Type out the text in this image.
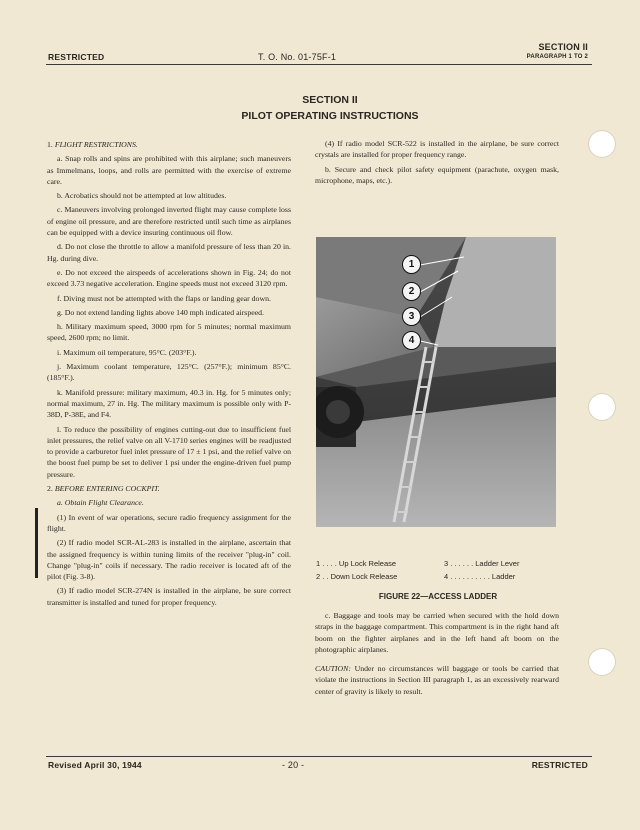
RESTRICTED	T. O. No. 01-75F-1
SECTION II
PARAGRAPH 1 TO 2
SECTION II
PILOT OPERATING INSTRUCTIONS

1. FLIGHT RESTRICTIONS.

a. Snap rolls and spins are prohibited with this airplane; such maneuvers as Immelmans, loops, and rolls are permitted with the exercise of extreme care.

b. Acrobatics should not be attempted at low altitudes.

c. Maneuvers involving prolonged inverted flight may cause complete loss of engine oil pressure, and are therefore restricted until such time as airplanes can be equipped with a device insuring continuous oil flow.

d. Do not close the throttle to allow a manifold pressure of less than 20 in. Hg. during dive.

e. Do not exceed the airspeeds of accelerations shown in Fig. 24; do not exceed 3.73 negative acceleration. Engine speeds must not exceed 3120 rpm.

f. Diving must not be attempted with the flaps or landing gear down.

g. Do not extend landing lights above 140 mph indicated airspeed.

h. Military maximum speed, 3000 rpm for 5 minutes; normal maximum speed, 2600 rpm; no limit.

i. Maximum oil temperature, 95°C. (203°F.).

j. Maximum coolant temperature, 125°C. (257°F.); minimum 85°C. (185°F.).

k. Manifold pressure: military maximum, 40.3 in. Hg. for 5 minutes only; normal maximum, 27 in. Hg. The military maximum is possible only with P-38D, P-38E, and F4.

l. To reduce the possibility of engines cutting-out due to insufficient fuel inlet pressures, the relief valve on all V-1710 series engines will be readjusted to provide a carburetor fuel inlet pressure of 17 ± 1 psi, and the relief valve on the boost fuel pump be set to deliver 1 psi under the engine-driven fuel pump pressure.

2. BEFORE ENTERING COCKPIT.

a. Obtain Flight Clearance.

(1) In event of war operations, secure radio frequency assignment for the flight.

(2) If radio model SCR-AL-283 is installed in the airplane, ascertain that the assigned frequency is within tuning limits of the receiver "plug-in" coil. Change "plug-in" coils if necessary. The radio receiver is located aft of the pilot (Fig. 3-8).

(3) If radio model SCR-274N is installed in the airplane, be sure correct transmitter is installed and tuned for proper frequency.

(4) If radio model SCR-522 is installed in the airplane, be sure correct crystals are installed for proper frequency range.

b. Secure and check pilot safety equipment (parachute, oxygen mask, microphone, maps, etc.).

1
2
3
4
1 . . . . Up Lock Release	3 . . . . . . Ladder Lever
2 . . Down Lock Release	4 . . . . . . . . . . Ladder
FIGURE 22—ACCESS LADDER

c. Baggage and tools may be carried when secured with the hold down straps in the baggage compartment. This compartment is in the right hand aft boom on the fighter airplanes and in the left hand aft boom on the photographic airplanes.

CAUTION: Under no circumstances will baggage or tools be carried that violate the instructions in Section III paragraph 1, as an excessively rearward center of gravity is likely to result.

Revised April 30, 1944	- 20 -	RESTRICTED
